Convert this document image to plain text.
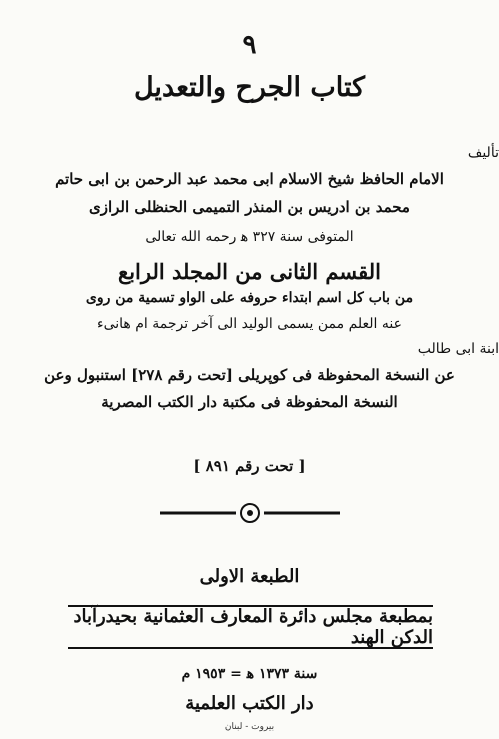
٩
كتاب الجرح والتعديل
تأليف
الامام الحافظ شيخ الاسلام ابى محمد عبد الرحمن بن ابى حاتم
محمد بن ادريس بن المنذر التميمى الحنظلى الرازى
المتوفى سنة ٣٢٧ ﻫ رحمه الله تعالى
القسم الثانى من المجلد الرابع
من باب كل اسم ابتداء حروفه على الواو تسمية من روى
عنه العلم ممن يسمى الوليد الى آخر ترجمة ام هانىء
ابنة ابى طالب
عن النسخة المحفوظة فى كوپريلى [تحت رقم ٢٧٨] استنبول وعن
النسخة المحفوظة فى مكتبة دار الكتب المصرية
[ تحت رقم ٨٩١ ]
الطبعة الاولى
بمطبعة مجلس دائرة المعارف العثمانية بحيدرآباد الدكن الهند
سنة ١٣٧٣ ﻫ = ١٩٥٣ م
دار الكتب العلمية
بيروت - لبنان
